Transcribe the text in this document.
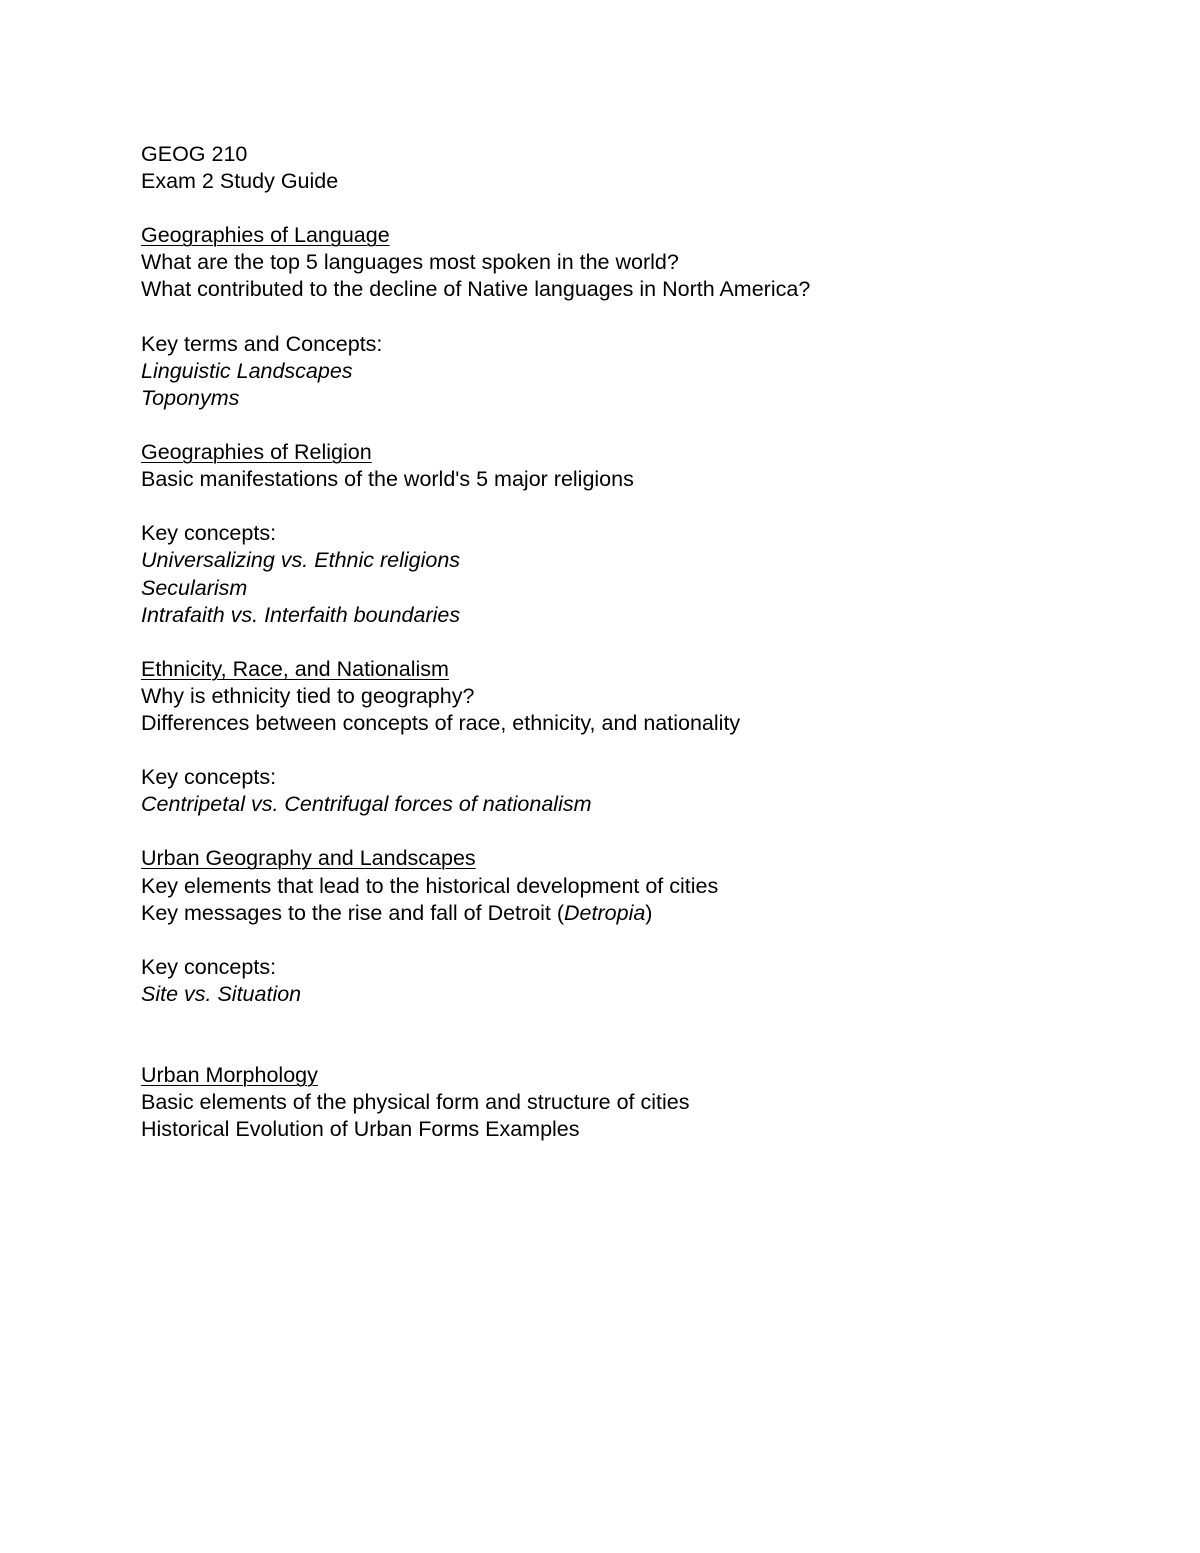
GEOG 210
Exam 2 Study Guide
Geographies of Language
What are the top 5 languages most spoken in the world?
What contributed to the decline of Native languages in North America?
Key terms and Concepts:
Linguistic Landscapes
Toponyms
Geographies of Religion
Basic manifestations of the world's 5 major religions
Key concepts:
Universalizing vs. Ethnic religions
Secularism
Intrafaith vs. Interfaith boundaries
Ethnicity, Race, and Nationalism
Why is ethnicity tied to geography?
Differences between concepts of race, ethnicity, and nationality
Key concepts:
Centripetal vs. Centrifugal forces of nationalism
Urban Geography and Landscapes
Key elements that lead to the historical development of cities
Key messages to the rise and fall of Detroit (Detropia)
Key concepts:
Site vs. Situation
Urban Morphology
Basic elements of the physical form and structure of cities
Historical Evolution of Urban Forms Examples
